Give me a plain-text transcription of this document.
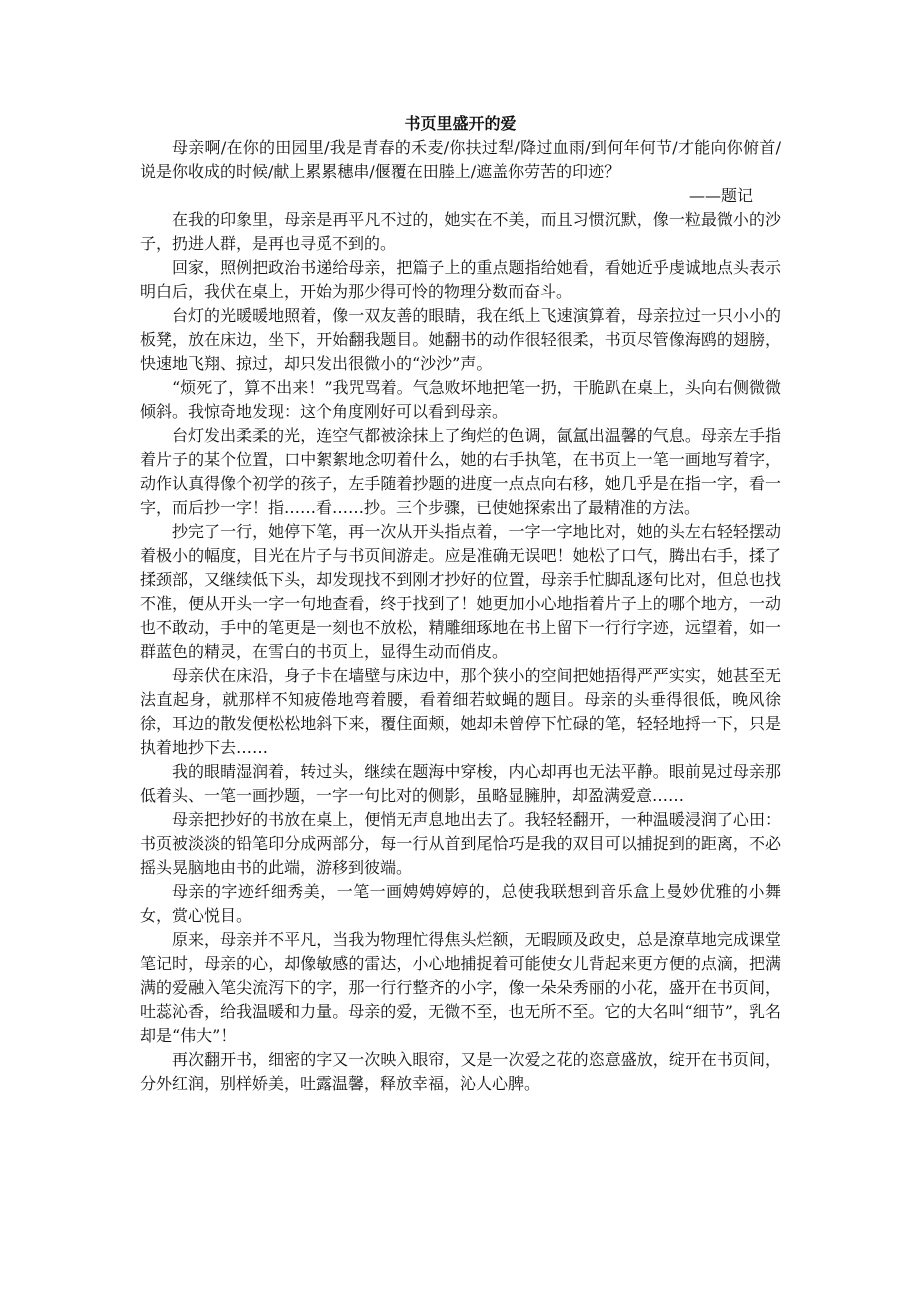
书页里盛开的爱

母亲啊/在你的田园里/我是青春的禾麦/你扶过犁/降过血雨/到何年何节/才能向你俯首/说是你收成的时候/献上累累穗串/偃覆在田塍上/遮盖你劳苦的印迹？

——题记

在我的印象里，母亲是再平凡不过的，她实在不美，而且习惯沉默，像一粒最微小的沙子，扔进人群，是再也寻觅不到的。

回家，照例把政治书递给母亲，把篇子上的重点题指给她看，看她近乎虔诚地点头表示明白后，我伏在桌上，开始为那少得可怜的物理分数而奋斗。

台灯的光暖暖地照着，像一双友善的眼睛，我在纸上飞速演算着，母亲拉过一只小小的板凳，放在床边，坐下，开始翻我题目。她翻书的动作很轻很柔，书页尽管像海鸥的翅膀，快速地飞翔、掠过，却只发出很微小的“沙沙”声。

“烦死了，算不出来！”我咒骂着。气急败坏地把笔一扔，干脆趴在桌上，头向右侧微微倾斜。我惊奇地发现：这个角度刚好可以看到母亲。

台灯发出柔柔的光，连空气都被涂抹上了绚烂的色调，氤氲出温馨的气息。母亲左手指着片子的某个位置，口中絮絮地念叨着什么，她的右手执笔，在书页上一笔一画地写着字，动作认真得像个初学的孩子，左手随着抄题的进度一点点向右移，她几乎是在指一字，看一字，而后抄一字！指……看……抄。三个步骤，已使她探索出了最精准的方法。

抄完了一行，她停下笔，再一次从开头指点着，一字一字地比对，她的头左右轻轻摆动着极小的幅度，目光在片子与书页间游走。应是准确无误吧！她松了口气，腾出右手，揉了揉颈部，又继续低下头，却发现找不到刚才抄好的位置，母亲手忙脚乱逐句比对，但总也找不准，便从开头一字一句地查看，终于找到了！她更加小心地指着片子上的哪个地方，一动也不敢动，手中的笔更是一刻也不放松，精雕细琢地在书上留下一行行字迹，远望着，如一群蓝色的精灵，在雪白的书页上，显得生动而俏皮。

母亲伏在床沿，身子卡在墙壁与床边中，那个狭小的空间把她捂得严严实实，她甚至无法直起身，就那样不知疲倦地弯着腰，看着细若蚊蝇的题目。母亲的头垂得很低，晚风徐徐，耳边的散发便松松地斜下来，覆住面颊，她却未曾停下忙碌的笔，轻轻地捋一下，只是执着地抄下去……

我的眼睛湿润着，转过头，继续在题海中穿梭，内心却再也无法平静。眼前晃过母亲那低着头、一笔一画抄题，一字一句比对的侧影，虽略显臃肿，却盈满爱意……

母亲把抄好的书放在桌上，便悄无声息地出去了。我轻轻翻开，一种温暖浸润了心田：书页被淡淡的铅笔印分成两部分，每一行从首到尾恰巧是我的双目可以捕捉到的距离，不必摇头晃脑地由书的此端，游移到彼端。

母亲的字迹纤细秀美，一笔一画娉娉婷婷的，总使我联想到音乐盒上曼妙优雅的小舞女，赏心悦目。

原来，母亲并不平凡，当我为物理忙得焦头烂额，无暇顾及政史，总是潦草地完成课堂笔记时，母亲的心，却像敏感的雷达，小心地捕捉着可能使女儿背起来更方便的点滴，把满满的爱融入笔尖流泻下的字，那一行行整齐的小字，像一朵朵秀丽的小花，盛开在书页间，吐蕊沁香，给我温暖和力量。母亲的爱，无微不至，也无所不至。它的大名叫“细节”，乳名却是“伟大”！

再次翻开书，细密的字又一次映入眼帘，又是一次爱之花的恣意盛放，绽开在书页间，分外红润，别样娇美，吐露温馨，释放幸福，沁人心脾。
